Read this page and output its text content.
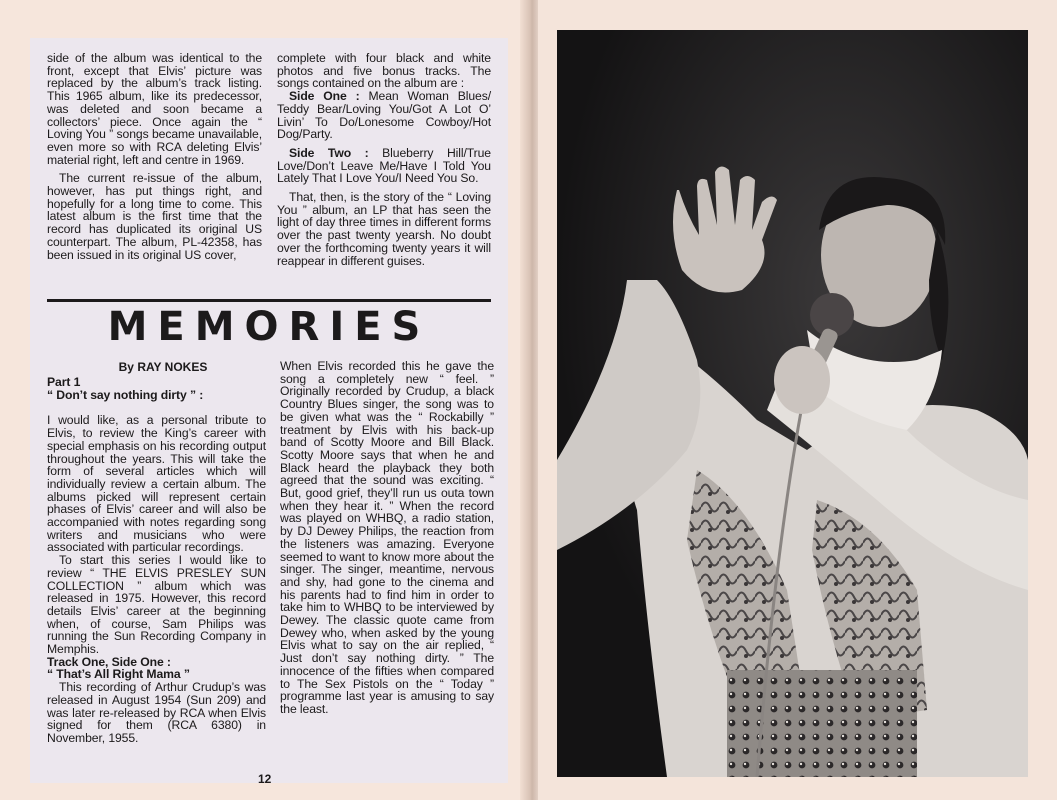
side of the album was identical to the front, except that Elvis’ picture was replaced by the album’s track listing. This 1965 album, like its predecessor, was deleted and soon became a collectors’ piece. Once again the “ Loving You ” songs became unavailable, even more so with RCA deleting Elvis’ material right, left and centre in 1969.

The current re-issue of the album, however, has put things right, and hopefully for a long time to come. This latest album is the first time that the record has duplicated its original US counterpart. The album, PL-42358, has been issued in its original US cover,

complete with four black and white photos and five bonus tracks. The songs contained on the album are :

Side One : Mean Woman Blues/ Teddy Bear/Loving You/Got A Lot O’ Livin’ To Do/Lonesome Cowboy/Hot Dog/Party.

Side Two : Blueberry Hill/True Love/Don’t Leave Me/Have I Told You Lately That I Love You/I Need You So.

That, then, is the story of the “ Loving You ” album, an LP that has seen the light of day three times in different forms over the past twenty yearsh. No doubt over the forthcoming twenty years it will reappear in different guises.

MEMORIES
By RAY NOKES

Part 1

“ Don’t say nothing dirty ” :

I would like, as a personal tribute to Elvis, to review the King’s career with special emphasis on his recording output throughout the years. This will take the form of several articles which will individually review a certain album. The albums picked will represent certain phases of Elvis’ career and will also be accompanied with notes regarding song writers and musicians who were associated with particular recordings.

To start this series I would like to review “ THE ELVIS PRESLEY SUN COLLECTION ” album which was released in 1975. However, this record details Elvis’ career at the beginning when, of course, Sam Philips was running the Sun Recording Company in Memphis.

Track One, Side One :

“ That’s All Right Mama ”

This recording of Arthur Crudup’s was released in August 1954 (Sun 209) and was later re-released by RCA when Elvis signed for them (RCA 6380) in November, 1955.

When Elvis recorded this he gave the song a completely new “ feel. ” Originally recorded by Crudup, a black Country Blues singer, the song was to be given what was the “ Rockabilly ” treatment by Elvis with his back-up band of Scotty Moore and Bill Black. Scotty Moore says that when he and Black heard the playback they both agreed that the sound was exciting. “ But, good grief, they’ll run us outa town when they hear it. ” When the record was played on WHBQ, a radio station, by DJ Dewey Philips, the reaction from the listeners was amazing. Everyone seemed to want to know more about the singer. The singer, meantime, nervous and shy, had gone to the cinema and his parents had to find him in order to take him to WHBQ to be interviewed by Dewey. The classic quote came from Dewey who, when asked by the young Elvis what to say on the air replied, “ Just don’t say nothing dirty. ” The innocence of the fifties when compared to The Sex Pistols on the “ Today ” programme last year is amusing to say the least.

12
